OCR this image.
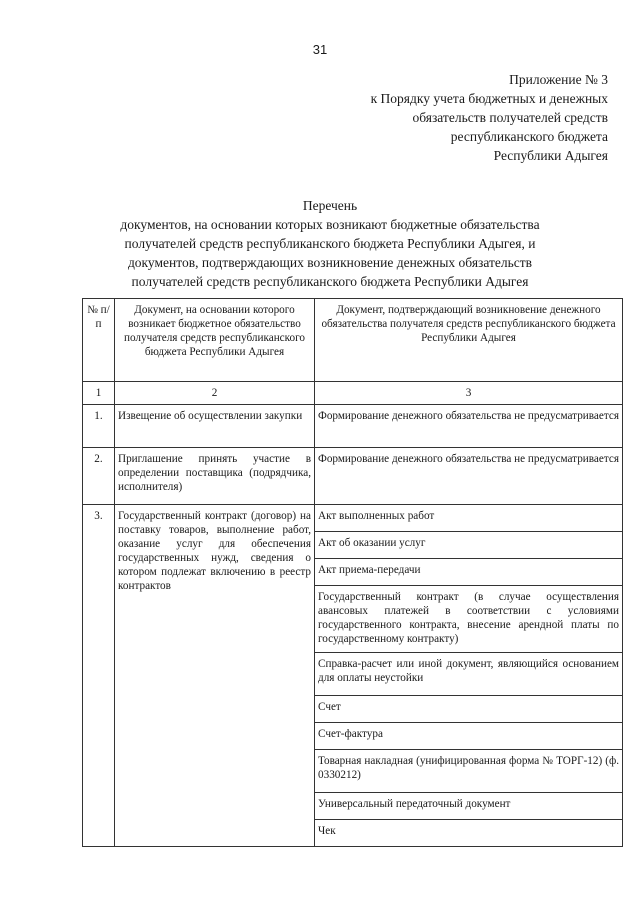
31
Приложение № 3
к Порядку учета бюджетных и денежных
обязательств получателей средств
республиканского бюджета
Республики Адыгея
Перечень
документов, на основании которых возникают бюджетные обязательства
получателей средств республиканского бюджета Республики Адыгея, и
документов, подтверждающих возникновение денежных обязательств
получателей средств республиканского бюджета Республики Адыгея
№ п/п	Документ, на основании которого возникает бюджетное обязательство получателя средств республиканского бюджета Республики Адыгея	Документ, подтверждающий возникновение денежного обязательства получателя средств республиканского бюджета Республики Адыгея
1	2	3
1.	Извещение об осуществлении закупки	Формирование денежного обязательства не предусматривается
2.	Приглашение принять участие в определении поставщика (подрядчика, исполнителя)	Формирование денежного обязательства не предусматривается
3.	Государственный контракт (договор) на поставку товаров, выполнение работ, оказание услуг для обеспечения государственных нужд, сведения о котором подлежат включению в реестр контрактов	Акт выполненных работ
		Акт об оказании услуг
		Акт приема-передачи
		Государственный контракт (в случае осуществления авансовых платежей в соответствии с условиями государственного контракта, внесение арендной платы по государственному контракту)
		Справка-расчет или иной документ, являющийся основанием для оплаты неустойки
		Счет
		Счет-фактура
		Товарная накладная (унифицированная форма № ТОРГ-12) (ф. 0330212)
		Универсальный передаточный документ
		Чек
